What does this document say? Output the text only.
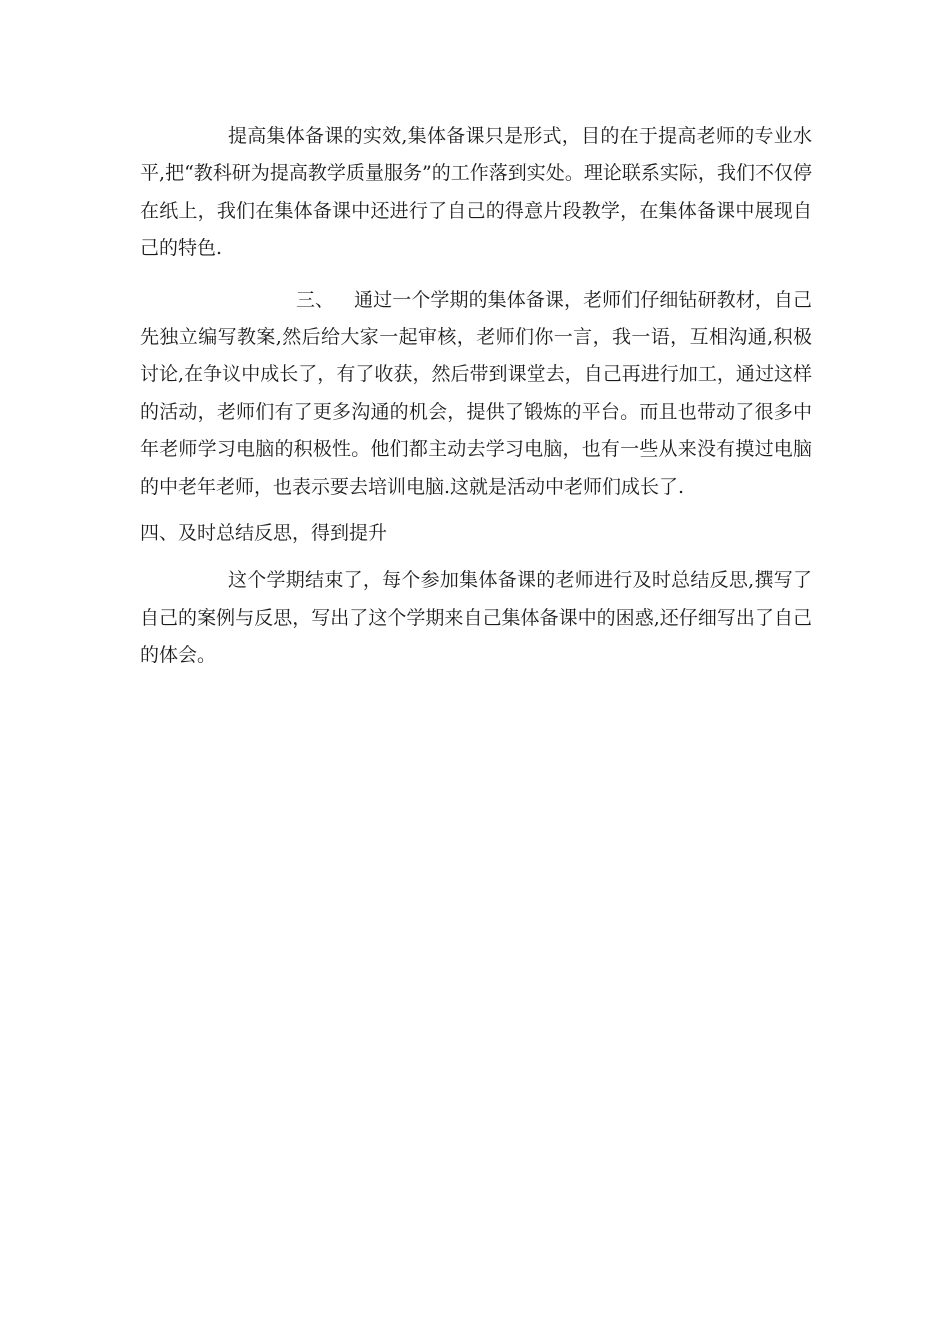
提高集体备课的实效,集体备课只是形式，目的在于提高老师的专业水平,把“教科研为提高教学质量服务”的工作落到实处。理论联系实际，我们不仅停在纸上，我们在集体备课中还进行了自己的得意片段教学，在集体备课中展现自己的特色.

三、 通过一个学期的集体备课，老师们仔细钻研教材，自己先独立编写教案,然后给大家一起审核，老师们你一言，我一语，互相沟通,积极讨论,在争议中成长了，有了收获，然后带到课堂去，自己再进行加工，通过这样的活动，老师们有了更多沟通的机会，提供了锻炼的平台。而且也带动了很多中年老师学习电脑的积极性。他们都主动去学习电脑，也有一些从来没有摸过电脑的中老年老师，也表示要去培训电脑.这就是活动中老师们成长了.

四、及时总结反思，得到提升

这个学期结束了，每个参加集体备课的老师进行及时总结反思,撰写了自己的案例与反思，写出了这个学期来自己集体备课中的困惑,还仔细写出了自己的体会。
